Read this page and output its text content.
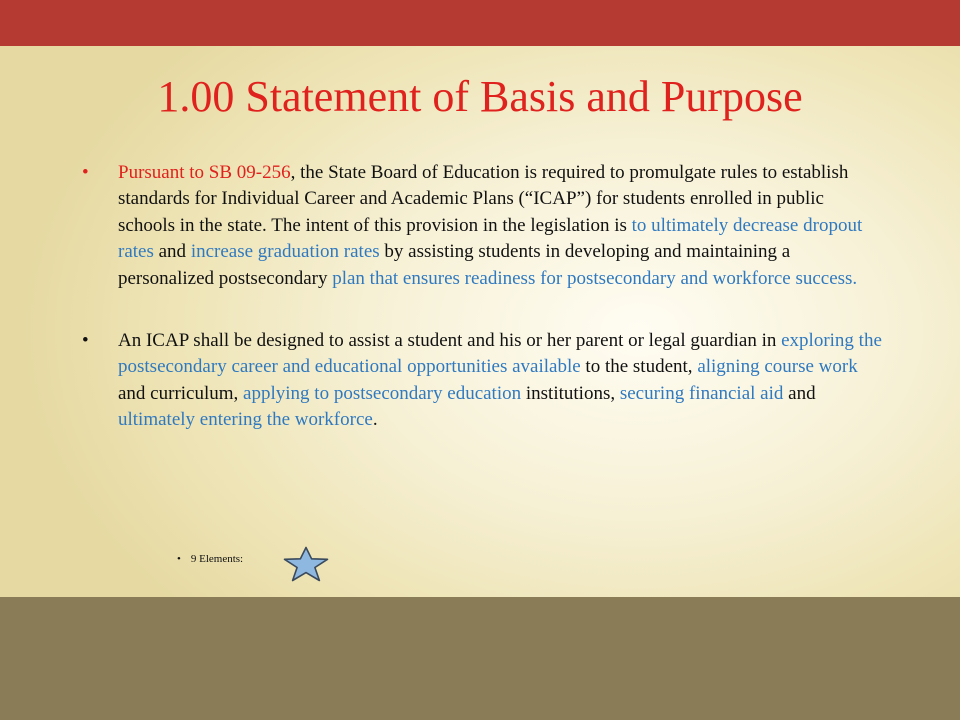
1.00 Statement of Basis and Purpose

•	Pursuant to SB 09-256, the State Board of Education is required to promulgate rules to establish standards for Individual Career and Academic Plans (“ICAP”) for students enrolled in public schools in the state. The intent of this provision in the legislation is to ultimately decrease dropout rates and increase graduation rates by assisting students in developing and maintaining a personalized postsecondary plan that ensures readiness for postsecondary and workforce success.

•	An ICAP shall be designed to assist a student and his or her parent or legal guardian in exploring the postsecondary career and educational opportunities available to the student, aligning course work and curriculum, applying to postsecondary education institutions, securing financial aid and ultimately entering the workforce.

• 9 Elements:
